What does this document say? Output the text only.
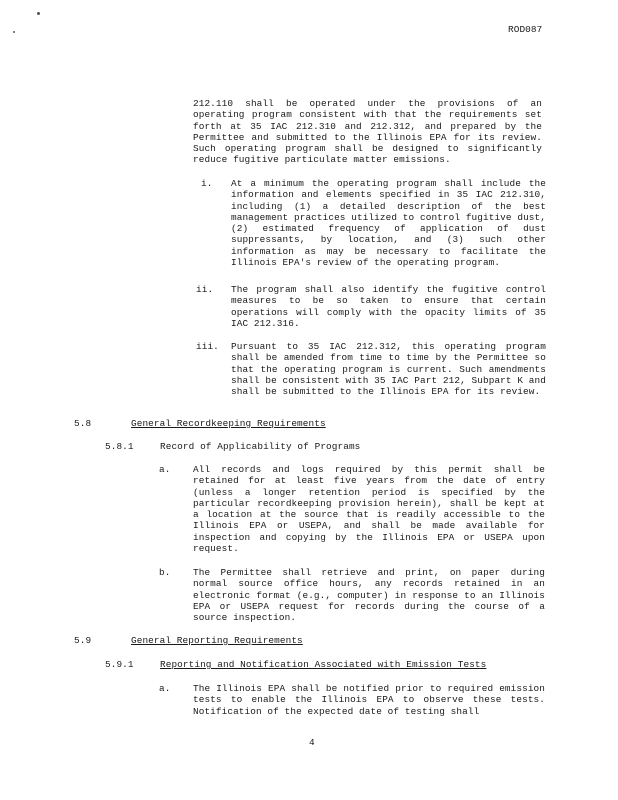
ROD087
212.110 shall be operated under the provisions of an operating program consistent with that the requirements set forth at 35 IAC 212.310 and 212.312, and prepared by the Permittee and submitted to the Illinois EPA for its review. Such operating program shall be designed to significantly reduce fugitive particulate matter emissions.
i. At a minimum the operating program shall include the information and elements specified in 35 IAC 212.310, including (1) a detailed description of the best management practices utilized to control fugitive dust, (2) estimated frequency of application of dust suppressants, by location, and (3) such other information as may be necessary to facilitate the Illinois EPA's review of the operating program.
ii. The program shall also identify the fugitive control measures to be so taken to ensure that certain operations will comply with the opacity limits of 35 IAC 212.316.
iii. Pursuant to 35 IAC 212.312, this operating program shall be amended from time to time by the Permittee so that the operating program is current. Such amendments shall be consistent with 35 IAC Part 212, Subpart K and shall be submitted to the Illinois EPA for its review.
5.8	General Recordkeeping Requirements
5.8.1	Record of Applicability of Programs
a. All records and logs required by this permit shall be retained for at least five years from the date of entry (unless a longer retention period is specified by the particular recordkeeping provision herein), shall be kept at a location at the source that is readily accessible to the Illinois EPA or USEPA, and shall be made available for inspection and copying by the Illinois EPA or USEPA upon request.
b. The Permittee shall retrieve and print, on paper during normal source office hours, any records retained in an electronic format (e.g., computer) in response to an Illinois EPA or USEPA request for records during the course of a source inspection.
5.9	General Reporting Requirements
5.9.1	Reporting and Notification Associated with Emission Tests
a. The Illinois EPA shall be notified prior to required emission tests to enable the Illinois EPA to observe these tests. Notification of the expected date of testing shall
4
